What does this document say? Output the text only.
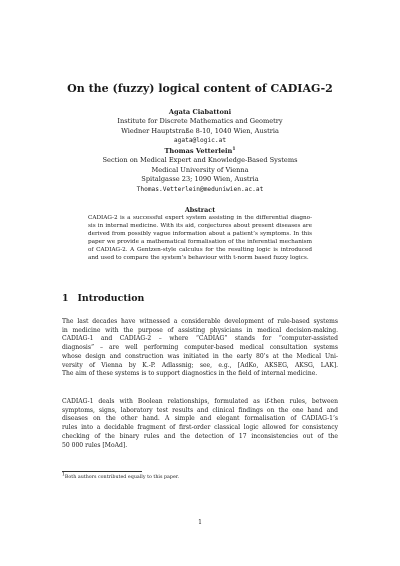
On the (fuzzy) logical content of CADIAG-2
Agata Ciabattoni
Institute for Discrete Mathematics and Geometry
Wiedner Hauptstraße 8-10, 1040 Wien, Austria
agata@logic.at
Thomas Vetterlein$^1$
Section on Medical Expert and Knowledge-Based Systems
Medical University of Vienna
Spitalgasse 23; 1090 Wien, Austria
Thomas.Vetterlein@meduniwien.ac.at
Abstract
CADIAG-2 is a successful expert system assisting in the differential diagno-
sis in internal medicine. With its aid, conjectures about present diseases are
derived from possibly vague information about a patient’s symptoms. In this
paper we provide a mathematical formalisation of the inferential mechanism
of CADIAG-2. A Gentzen-style calculus for the resulting logic is introduced
and used to compare the system’s behaviour with t-norm based fuzzy logics.
1 Introduction
The last decades have witnessed a considerable development of rule-based systems
in medicine with the purpose of assisting physicians in medical decision-making.
CADIAG-1 and CADIAG-2 – where “CADIAG” stands for “computer-assisted
diagnosis” – are well performing computer-based medical consultation systems
whose design and construction was initiated in the early 80’s at the Medical Uni-
versity of Vienna by K.-P. Adlassnig; see, e.g., [AdKo, AKSEG, AKSG, LAK].
The aim of these systems is to support diagnostics in the field of internal medicine.
CADIAG-1 deals with Boolean relationships, formulated as if-then rules, between
symptoms, signs, laboratory test results and clinical findings on the one hand and
diseases on the other hand. A simple and elegant formalisation of CADIAG-1’s
rules into a decidable fragment of first-order classical logic allowed for consistency
checking of the binary rules and the detection of 17 inconsistencies out of the
50 000 rules [MoAd].
$^1$Both authors contributed equally to this paper.
1
